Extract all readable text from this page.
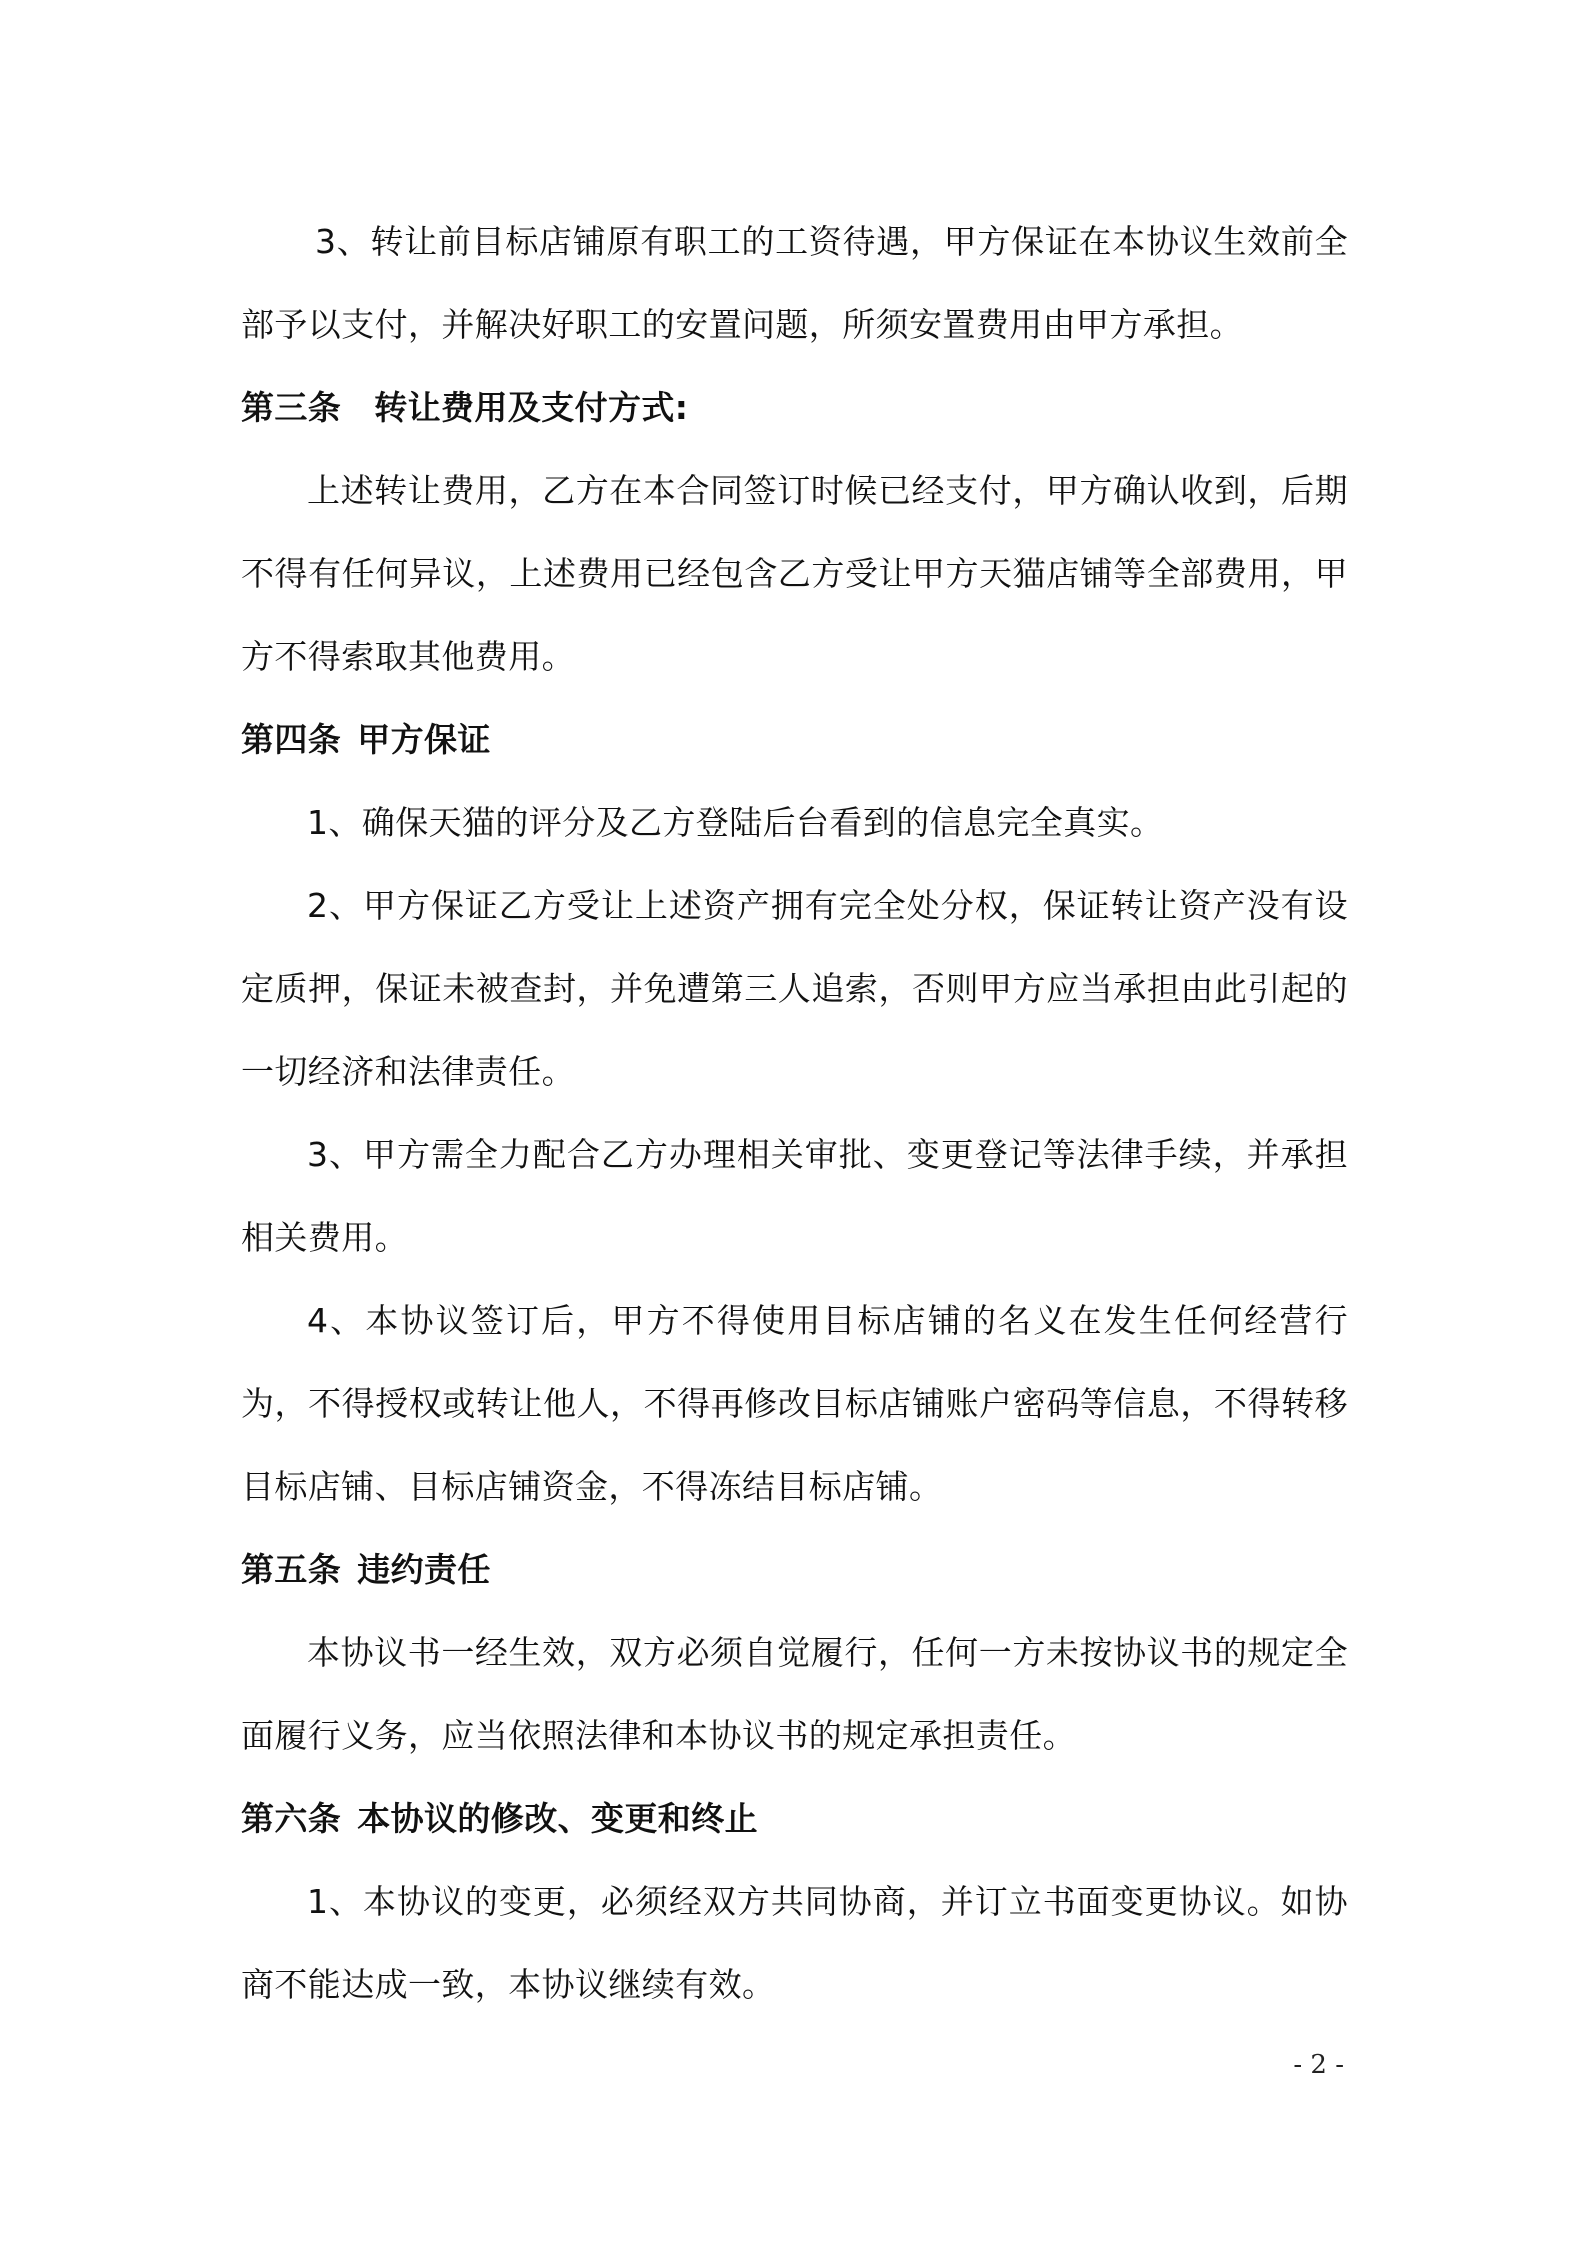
3、转让前目标店铺原有职工的工资待遇，甲方保证在本协议生效前全部予以支付，并解决好职工的安置问题，所须安置费用由甲方承担。

第三条 转让费用及支付方式:

上述转让费用，乙方在本合同签订时候已经支付，甲方确认收到，后期不得有任何异议，上述费用已经包含乙方受让甲方天猫店铺等全部费用，甲方不得索取其他费用。

第四条 甲方保证

1、确保天猫的评分及乙方登陆后台看到的信息完全真实。

2、甲方保证乙方受让上述资产拥有完全处分权，保证转让资产没有设定质押，保证未被查封，并免遭第三人追索，否则甲方应当承担由此引起的一切经济和法律责任。

3、甲方需全力配合乙方办理相关审批、变更登记等法律手续，并承担相关费用。

4、本协议签订后，甲方不得使用目标店铺的名义在发生任何经营行为，不得授权或转让他人，不得再修改目标店铺账户密码等信息，不得转移目标店铺、目标店铺资金，不得冻结目标店铺。

第五条 违约责任

本协议书一经生效，双方必须自觉履行，任何一方未按协议书的规定全面履行义务，应当依照法律和本协议书的规定承担责任。

第六条 本协议的修改、变更和终止

1、本协议的变更，必须经双方共同协商，并订立书面变更协议。如协商不能达成一致，本协议继续有效。

- 2 -
